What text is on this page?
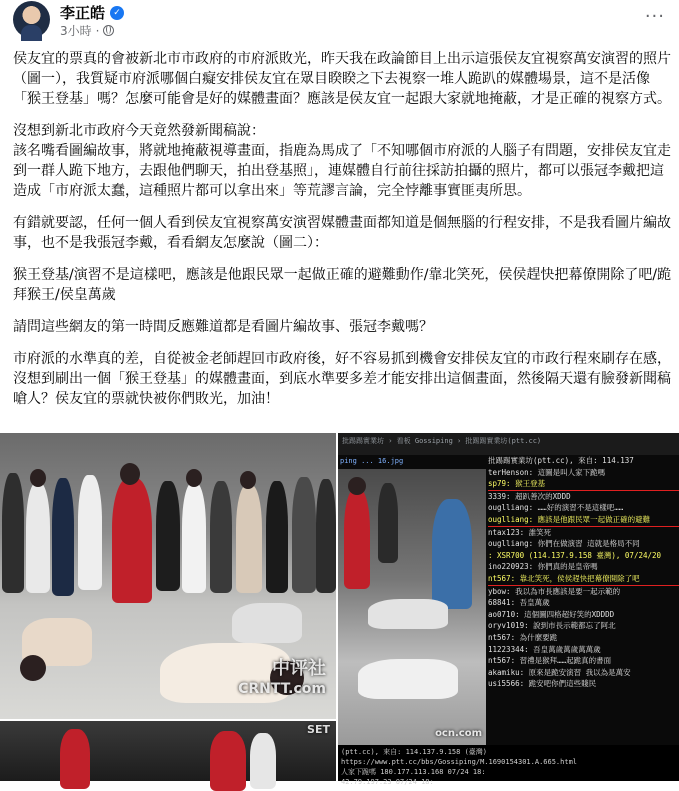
李正皓 ✓
3小時 ·
···

侯友宜的票真的會被新北市市政府的市府派敗光，昨天我在政論節目上出示這張侯友宜視察萬安演習的照片（圖一），我質疑市府派哪個白癡安排侯友宜在眾目睽睽之下去視察一堆人跪趴的媒體場景，這不是活像「猴王登基」嗎？怎麼可能會是好的媒體畫面？應該是侯友宜一起跟大家就地掩蔽，才是正確的視察方式。

沒想到新北市政府今天竟然發新聞稿說：
該名嘴看圖編故事，將就地掩蔽視導畫面，指鹿為馬成了「不知哪個市府派的人腦子有問題，安排侯友宜走到一群人跪下地方，去跟他們聊天，拍出登基照」，連媒體自行前往採訪拍攝的照片，都可以張冠李戴把這造成「市府派太蠢，這種照片都可以拿出來」等荒謬言論，完全悖離事實匪夷所思。

有錯就要認，任何一個人看到侯友宜視察萬安演習媒體畫面都知道是個無腦的行程安排，不是我看圖片編故事，也不是我張冠李戴，看看網友怎麼說（圖二）：

猴王登基/演習不是這樣吧，應該是他跟民眾一起做正確的避難動作/靠北笑死，侯侯趕快把幕僚開除了吧/跪拜猴王/侯皇萬歲

請問這些網友的第一時間反應難道都是看圖片編故事、張冠李戴嗎？

市府派的水準真的差，自從被金老師趕回市政府後，好不容易抓到機會安排侯友宜的市政行程來刷存在感，沒想到刷出一個「猴王登基」的媒體畫面，到底水準要多差才能安排出這個畫面，然後隔天還有臉發新聞稿嗆人？侯友宜的票就快被你們敗光，加油！

中评社
CRNTT.com
SET
批踢踢實業坊 › 看板 Gossiping › 批踢踢實業坊(ptt.cc)
ping ... 16.jpg
ocn.com
批踢踢實業坊(ptt.cc), 來自: 114.137
terHenson: 這圖是叫人家下跪嗎
sp79: 猴王登基
3339: 超趴善次的XDDD
ouglliang: ……好的演習不是這樣吧……
ouglliang: 應該是他跟民眾一起做正確的避難
ntax123: 誰笑死
ouglliang: 你們在做演習 這就是格局不同
: XSR700 (114.137.9.158 臺灣), 07/24/20
ino220923: 你們真的是皇帝嗎
nt567: 靠北笑死，侯侯趕快把幕僚開除了吧
ybow: 我以為市長應該是要一起示範的
68841: 吾皇萬歲
ao0710: 這個圖四格超好笑的XDDDD
oryv1019: 說到市長示範都忘了阿北
nt567: 為什麼要跪
11223344: 吾皇萬歲萬歲萬萬歲
nt567: 習禮是猴拜……起跪真的書面
akamiku: 原來是跪安演習 我以為是萬安
usi5566: 跪安吧你們這些賤民
(ptt.cc), 來自: 114.137.9.158 (臺灣)
https://www.ptt.cc/bbs/Gossiping/M.1690154301.A.665.html
人家下跪嗎 180.177.113.168 07/24 18:
42.79.197.23 07/24 18:
